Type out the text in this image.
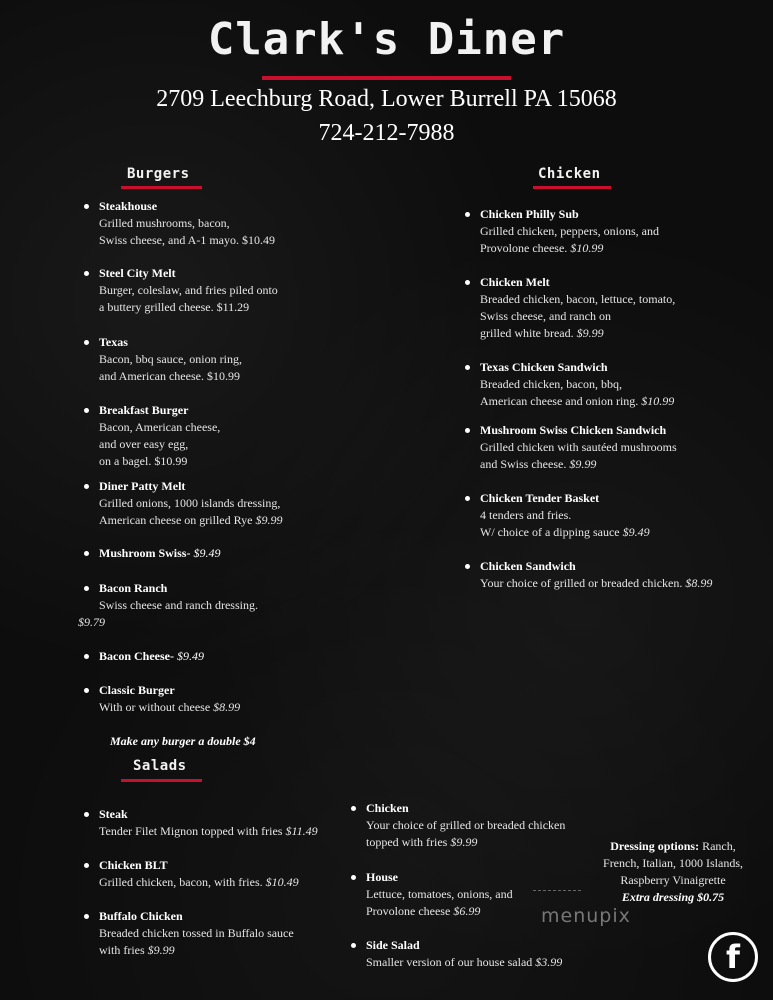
Clark's Diner
2709 Leechburg Road, Lower Burrell PA 15068
724-212-7988
Burgers
Steakhouse
Grilled mushrooms, bacon,
Swiss cheese, and A-1 mayo. $10.49
Steel City Melt
Burger, coleslaw, and fries piled onto
a buttery grilled cheese. $11.29
Texas
Bacon, bbq sauce, onion ring,
and American cheese. $10.99
Breakfast Burger
Bacon, American cheese,
and over easy egg,
on a bagel. $10.99
Diner Patty Melt
Grilled onions, 1000 islands dressing,
American cheese on grilled Rye $9.99
Mushroom Swiss- $9.49
Bacon Ranch
Swiss cheese and ranch dressing.
$9.79
Bacon Cheese- $9.49
Classic Burger
With or without cheese $8.99
Make any burger a double $4
Chicken
Chicken Philly Sub
Grilled chicken, peppers, onions, and
Provolone cheese. $10.99
Chicken Melt
Breaded chicken, bacon, lettuce, tomato,
Swiss cheese, and ranch on
grilled white bread. $9.99
Texas Chicken Sandwich
Breaded chicken, bacon, bbq,
American cheese and onion ring. $10.99
Mushroom Swiss Chicken Sandwich
Grilled chicken with sautéed mushrooms
and Swiss cheese. $9.99
Chicken Tender Basket
4 tenders and fries.
W/ choice of a dipping sauce $9.49
Chicken Sandwich
Your choice of grilled or breaded chicken. $8.99
Salads
Steak
Tender Filet Mignon topped with fries $11.49
Chicken BLT
Grilled chicken, bacon, with fries. $10.49
Buffalo Chicken
Breaded chicken tossed in Buffalo sauce
with fries $9.99
Chicken
Your choice of grilled or breaded chicken
topped with fries $9.99
House
Lettuce, tomatoes, onions, and
Provolone cheese $6.99
Side Salad
Smaller version of our house salad $3.99
Dressing options: Ranch,
French, Italian, 1000 Islands,
Raspberry Vinaigrette
Extra dressing $0.75
menupix
f
